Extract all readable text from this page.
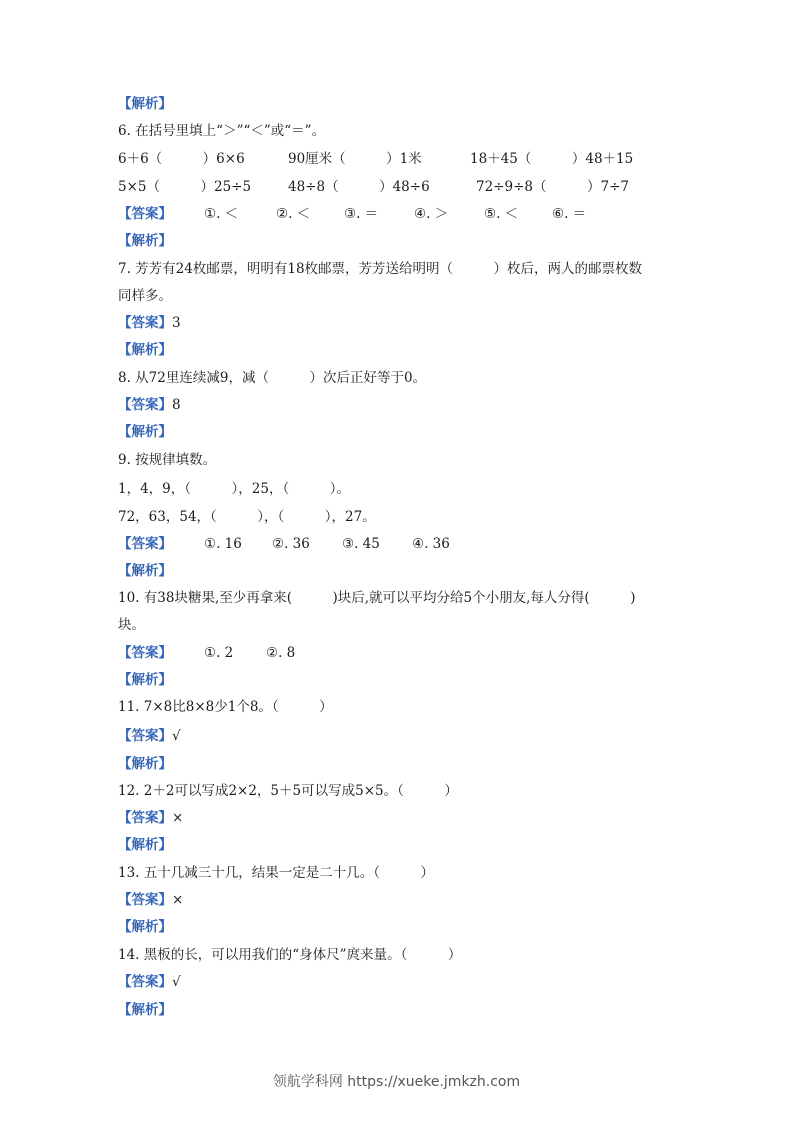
【解析】
6. 在括号里填上“＞”“＜”或“＝”。
6＋6（　　　）6×6	90厘米（　　　）1米	18＋45（　　　）48＋15
5×5（　　　）25÷5	48÷8（　　　）48÷6	72÷9÷8（　　　）7÷7
【答案】 ①. ＜	②. ＜	③. ＝	④. ＞	⑤. ＜	⑥. ＝
【解析】
7. 芳芳有24枚邮票，明明有18枚邮票，芳芳送给明明（　　　）枚后，两人的邮票枚数
同样多。
【答案】3
【解析】
8. 从72里连续减9，减（　　　）次后正好等于0。
【答案】8
【解析】
9. 按规律填数。
1，4，9，（　　　），25，（　　　）。
72，63，54，（　　　），（　　　），27。
【答案】 ①. 16 ②. 36 ③. 45 ④. 36
【解析】
10. 有38块糖果,至少再拿来(　　　)块后,就可以平均分给5个小朋友,每人分得(　　　)
块。
【答案】 ①. 2 ②. 8
【解析】
11. 7×8比8×8少1个8。（　　　）
【答案】√
【解析】
12. 2＋2可以写成2×2，5＋5可以写成5×5。（　　　）
【答案】×
【解析】
13. 五十几减三十几，结果一定是二十几。（　　　）
【答案】×
【解析】
14. 黑板的长，可以用我们的“身体尺”庹来量。（　　　）
【答案】√
【解析】
领航学科网 https://xueke.jmkzh.com
